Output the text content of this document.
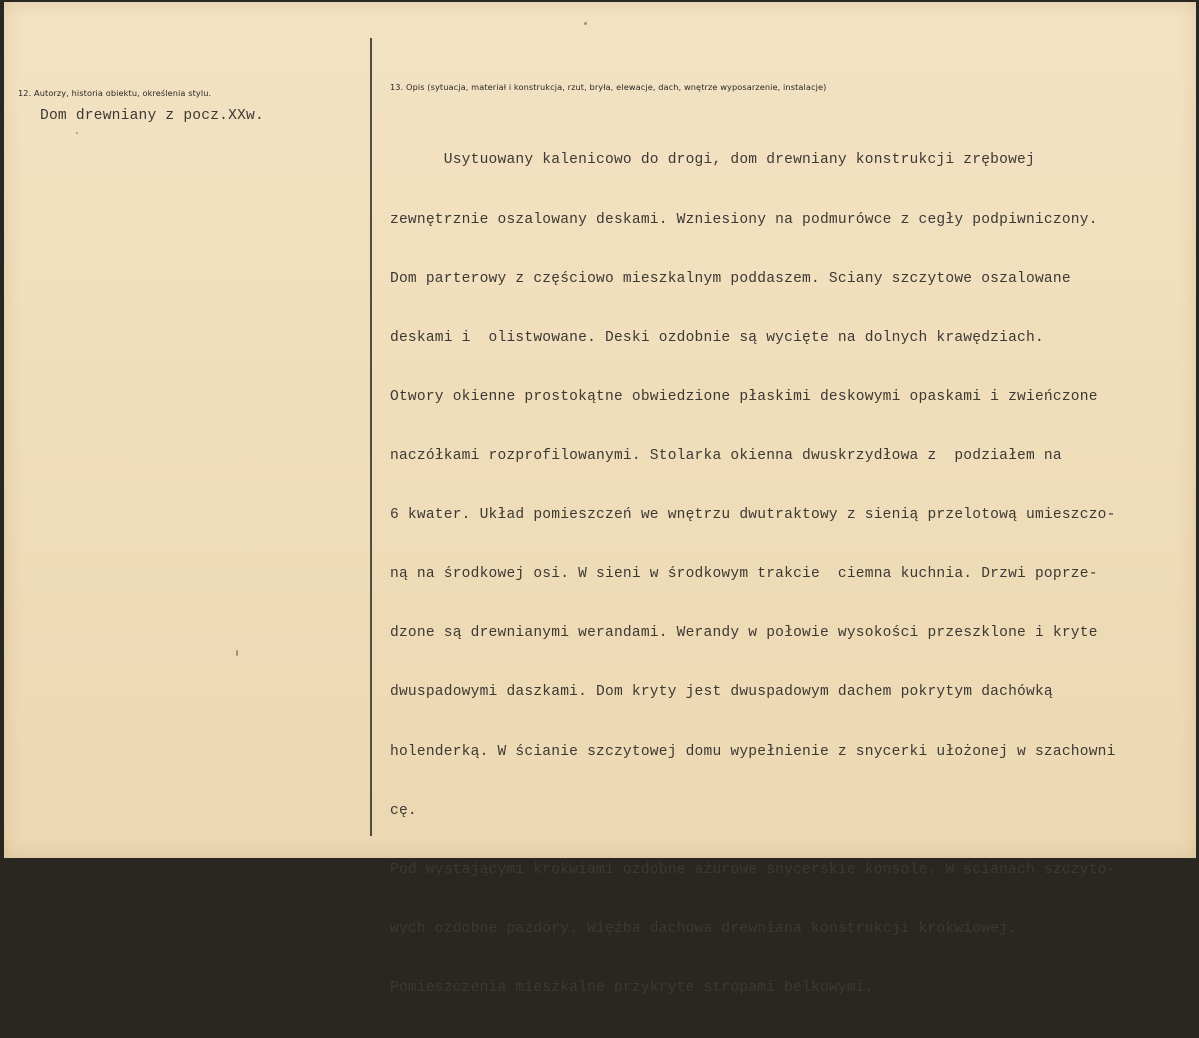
12. Autorzy, historia obiektu, określenia stylu.
Dom drewniany z pocz.XXw.
13. Opis (sytuacja, materiał i konstrukcja, rzut, bryła, elewacje, dach, wnętrze wyposarzenie, instalacje)

Usytuowany kalenicowo do drogi, dom drewniany konstrukcji zrębowej

zewnętrznie oszalowany deskami. Wzniesiony na podmurówce z cegły podpiwniczony.

Dom parterowy z częściowo mieszkalnym poddaszem. Sciany szczytowe oszalowane

deskami i  olistwowane. Deski ozdobnie są wycięte na dolnych krawędziach.

Otwory okienne prostokątne obwiedzione płaskimi deskowymi opaskami i zwieńczone

naczółkami rozprofilowanymi. Stolarka okienna dwuskrzydłowa z  podziałem na

6 kwater. Układ pomieszczeń we wnętrzu dwutraktowy z sienią przelotową umieszczo-

ną na środkowej osi. W sieni w środkowym trakcie  ciemna kuchnia. Drzwi poprze-

dzone są drewnianymi werandami. Werandy w połowie wysokości przeszklone i kryte

dwuspadowymi daszkami. Dom kryty jest dwuspadowym dachem pokrytym dachówką

holenderką. W ścianie szczytowej domu wypełnienie z snycerki ułożonej w szachowni

cę.

Pod wystającymi krokwiami ozdobne ażurowe snycerskie konsole. W ścianach szczyto-

wych ozdobne pazdóry. Więźba dachowa drewniana konstrukcji krokwiowej.

Pomieszczenia mieszkalne przykryte stropami belkowymi.
